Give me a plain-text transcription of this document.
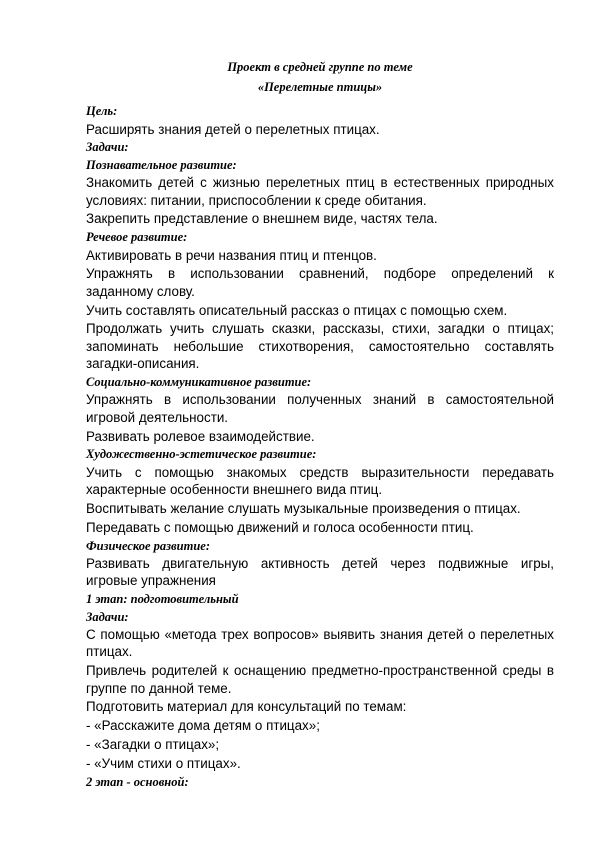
Проект в средней группе по теме
«Перелетные птицы»
Цель:
Расширять знания детей о перелетных птицах.
Задачи:
Познавательное развитие:
Знакомить детей с жизнью перелетных птиц в естественных природных условиях: питании, приспособлении к среде обитания.
Закрепить представление о внешнем виде, частях тела.
Речевое развитие:
Активировать в речи названия птиц и птенцов.
Упражнять в использовании сравнений, подборе определений к заданному слову.
Учить составлять описательный рассказ о птицах с помощью схем.
Продолжать учить слушать сказки, рассказы, стихи, загадки о птицах; запоминать небольшие стихотворения, самостоятельно составлять загадки-описания.
Социально-коммуникативное развитие:
Упражнять в использовании полученных знаний в самостоятельной игровой деятельности.
Развивать ролевое взаимодействие.
Художественно-эстетическое развитие:
Учить с помощью знакомых средств выразительности передавать характерные особенности внешнего вида птиц.
Воспитывать желание слушать музыкальные произведения о птицах.
Передавать с помощью движений и голоса особенности птиц.
Физическое развитие:
Развивать двигательную активность детей через подвижные игры, игровые упражнения
1 этап: подготовительный
Задачи:
С помощью «метода трех вопросов» выявить знания детей о перелетных птицах.
Привлечь родителей к оснащению предметно-пространственной среды в группе по данной теме.
Подготовить материал для консультаций по темам:
- «Расскажите дома детям о птицах»;
- «Загадки о птицах»;
- «Учим стихи о птицах».
2 этап - основной:
